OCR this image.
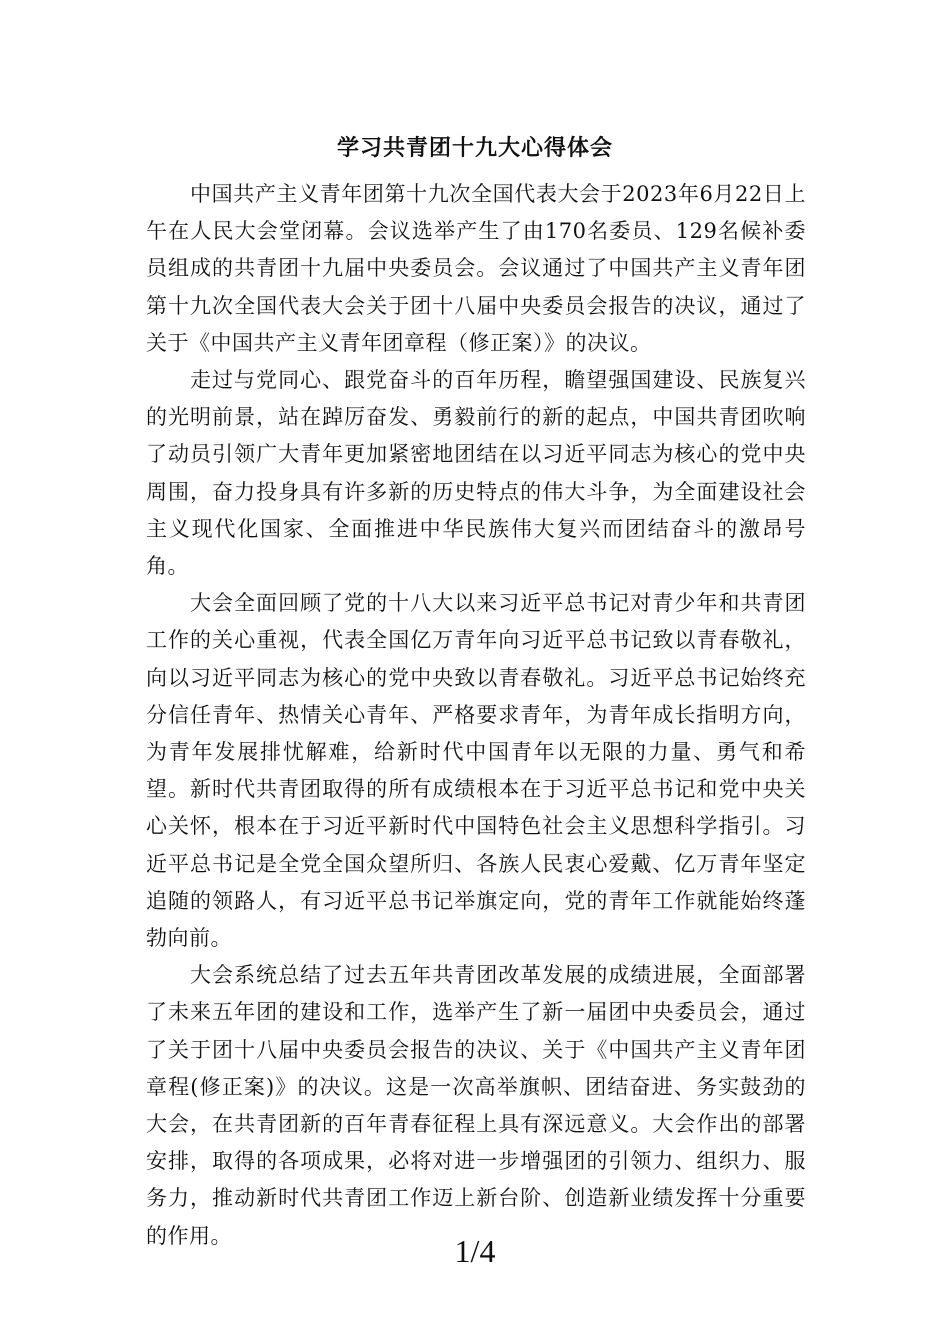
学习共青团十九大心得体会

中国共产主义青年团第十九次全国代表大会于2023年6月22日上午在人民大会堂闭幕。会议选举产生了由170名委员、129名候补委员组成的共青团十九届中央委员会。会议通过了中国共产主义青年团第十九次全国代表大会关于团十八届中央委员会报告的决议，通过了关于《中国共产主义青年团章程（修正案）》的决议。

走过与党同心、跟党奋斗的百年历程，瞻望强国建设、民族复兴的光明前景，站在踔厉奋发、勇毅前行的新的起点，中国共青团吹响了动员引领广大青年更加紧密地团结在以习近平同志为核心的党中央周围，奋力投身具有许多新的历史特点的伟大斗争，为全面建设社会主义现代化国家、全面推进中华民族伟大复兴而团结奋斗的激昂号角。

大会全面回顾了党的十八大以来习近平总书记对青少年和共青团工作的关心重视，代表全国亿万青年向习近平总书记致以青春敬礼，向以习近平同志为核心的党中央致以青春敬礼。习近平总书记始终充分信任青年、热情关心青年、严格要求青年，为青年成长指明方向，为青年发展排忧解难，给新时代中国青年以无限的力量、勇气和希望。新时代共青团取得的所有成绩根本在于习近平总书记和党中央关心关怀，根本在于习近平新时代中国特色社会主义思想科学指引。习近平总书记是全党全国众望所归、各族人民衷心爱戴、亿万青年坚定追随的领路人，有习近平总书记举旗定向，党的青年工作就能始终蓬勃向前。

大会系统总结了过去五年共青团改革发展的成绩进展，全面部署了未来五年团的建设和工作，选举产生了新一届团中央委员会，通过了关于团十八届中央委员会报告的决议、关于《中国共产主义青年团章程(修正案)》的决议。这是一次高举旗帜、团结奋进、务实鼓劲的大会，在共青团新的百年青春征程上具有深远意义。大会作出的部署安排，取得的各项成果，必将对进一步增强团的引领力、组织力、服务力，推动新时代共青团工作迈上新台阶、创造新业绩发挥十分重要的作用。	1/4
